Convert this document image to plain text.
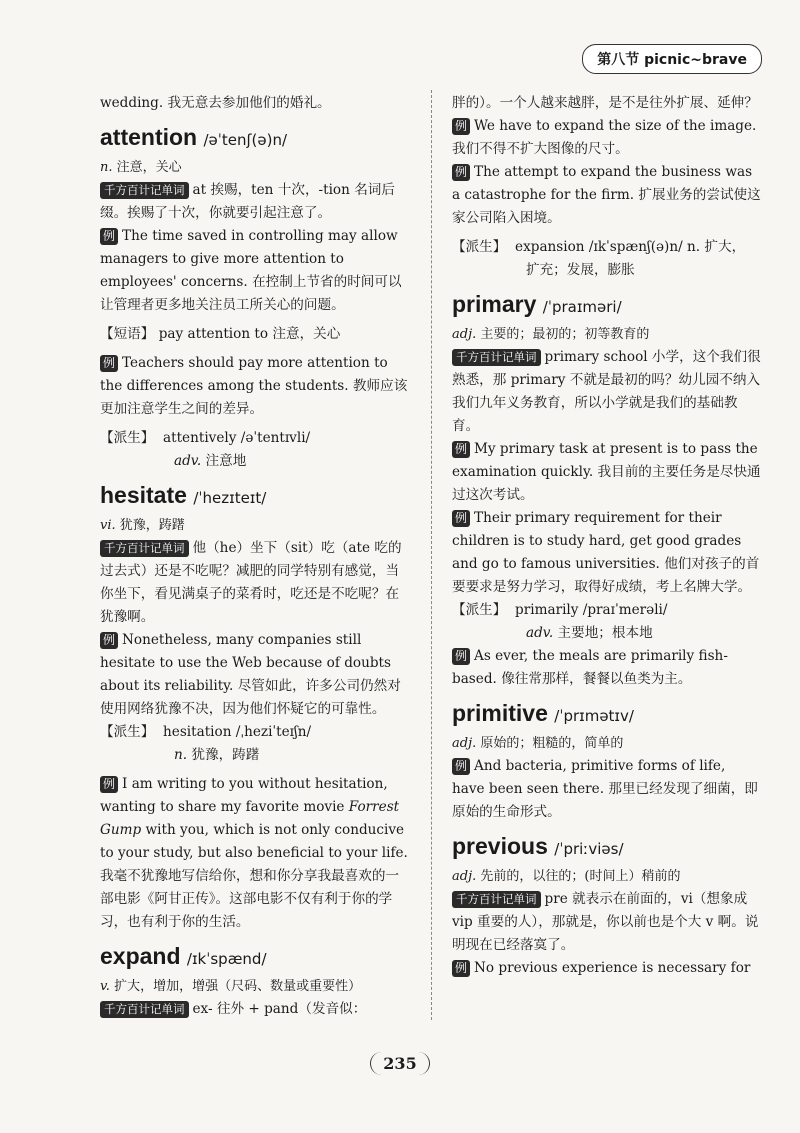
第八节 picnic~brave

wedding. 我无意去参加他们的婚礼。

attention /əˈtenʃ(ə)n/

n. 注意，关心

千方百计记单词 at 挨赐，ten 十次，-tion 名词后缀。挨赐了十次，你就要引起注意了。

例 The time saved in controlling may allow managers to give more attention to employees' concerns. 在控制上节省的时间可以让管理者更多地关注员工所关心的问题。

【短语】 pay attention to 注意，关心

例 Teachers should pay more attention to the differences among the students. 教师应该更加注意学生之间的差异。

【派生】 attentively /əˈtentɪvli/

adv. 注意地

hesitate /ˈhezɪteɪt/

vi. 犹豫，踌躇

千方百计记单词 他（he）坐下（sit）吃（ate 吃的过去式）还是不吃呢？减肥的同学特别有感觉，当你坐下，看见满桌子的菜肴时，吃还是不吃呢？在犹豫啊。

例 Nonetheless, many companies still hesitate to use the Web because of doubts about its reliability. 尽管如此，许多公司仍然对使用网络犹豫不决，因为他们怀疑它的可靠性。

【派生】 hesitation /ˌheziˈteɪʃn/

n. 犹豫，踌躇

例 I am writing to you without hesitation, wanting to share my favorite movie Forrest Gump with you, which is not only conducive to your study, but also beneficial to your life. 我毫不犹豫地写信给你，想和你分享我最喜欢的一部电影《阿甘正传》。这部电影不仅有利于你的学习，也有利于你的生活。

expand /ɪkˈspænd/

v. 扩大，增加，增强（尺码、数量或重要性）

千方百计记单词 ex- 往外 + pand（发音似：

胖的）。一个人越来越胖，是不是往外扩展、延伸？

例 We have to expand the size of the image. 我们不得不扩大图像的尺寸。

例 The attempt to expand the business was a catastrophe for the firm. 扩展业务的尝试使这家公司陷入困境。

【派生】 expansion /ɪkˈspænʃ(ə)n/ n. 扩大，

扩充；发展，膨胀

primary /ˈpraɪməri/

adj. 主要的；最初的；初等教育的

千方百计记单词 primary school 小学，这个我们很熟悉，那 primary 不就是最初的吗？幼儿园不纳入我们九年义务教育，所以小学就是我们的基础教育。

例 My primary task at present is to pass the examination quickly. 我目前的主要任务是尽快通过这次考试。

例 Their primary requirement for their children is to study hard, get good grades and go to famous universities. 他们对孩子的首要要求是努力学习，取得好成绩，考上名牌大学。

【派生】 primarily /praɪˈmerəli/

adv. 主要地；根本地

例 As ever, the meals are primarily fish-based. 像往常那样，餐餐以鱼类为主。

primitive /ˈprɪmətɪv/

adj. 原始的；粗糙的，简单的

例 And bacteria, primitive forms of life, have been seen there. 那里已经发现了细菌，即原始的生命形式。

previous /ˈpriːviəs/

adj. 先前的，以往的；(时间上）稍前的

千方百计记单词 pre 就表示在前面的，vi（想象成 vip 重要的人），那就是，你以前也是个大 v 啊。说明现在已经落寞了。

例 No previous experience is necessary for

235
